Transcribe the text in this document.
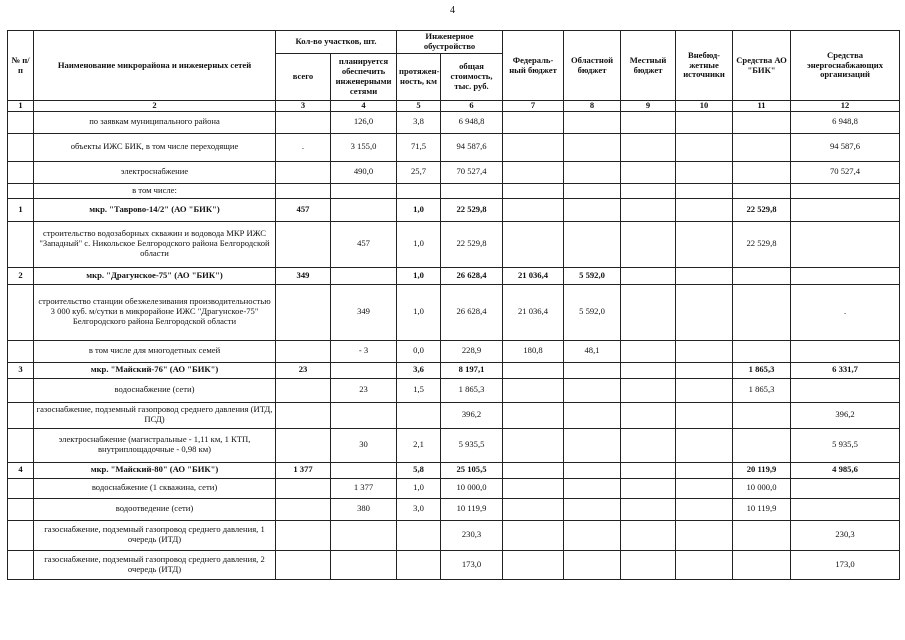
4
№ п/п	Наименование микрорайона и инженерных сетей	Кол-во участков, шт.		Инженерное обустройство		Федераль-ный бюджет	Областной бюджет	Местный бюджет	Внебюд-жетные источники	Средства АО "БИК"	Средства энергоснабжающих организаций
		всего	планируется обеспечить инженерными сетями	протяжен-ность, км	общая стоимость, тыс. руб.						
1	2	3	4	5	6	7	8	9	10	11	12
	по заявкам муниципального района		126,0	3,8	6 948,8						6 948,8
	объекты ИЖС БИК, в том числе переходящие	.	3 155,0	71,5	94 587,6						94 587,6
	электроснабжение		490,0	25,7	70 527,4						70 527,4
	в том числе:										
1	мкр. "Таврово-14/2" (АО "БИК")	457		1,0	22 529,8					22 529,8	
	строительство водозаборных скважин и водовода МКР ИЖС "Западный" с. Никольское Белгородского района Белгородской области		457	1,0	22 529,8					22 529,8	
2	мкр. "Драгунское-75" (АО "БИК")	349		1,0	26 628,4	21 036,4	5 592,0				
	строительство станции обезжелезивания производительностью 3 000 куб. м/сутки в микрорайоне ИЖС "Драгунское-75" Белгородского района Белгородской области		349	1,0	26 628,4	21 036,4	5 592,0				.
	в том числе для многодетных семей		- 3	0,0	228,9	180,8	48,1				
3	мкр. "Майский-76" (АО "БИК")	23		3,6	8 197,1					1 865,3	6 331,7
	водоснабжение (сети)		23	1,5	1 865,3					1 865,3	
	газоснабжение, подземный газопровод среднего давления (ИТД, ПСД)				396,2						396,2
	электроснабжение (магистральные - 1,11 км, 1 КТП, внутриплощадочные - 0,98 км)		30	2,1	5 935,5						5 935,5
4	мкр. "Майский-80" (АО "БИК")	1 377		5,8	25 105,5					20 119,9	4 985,6
	водоснабжение (1 скважина, сети)		1 377	1,0	10 000,0					10 000,0	
	водоотведение (сети)		380	3,0	10 119,9					10 119,9	
	газоснабжение, подземный газопровод среднего давления, 1 очередь (ИТД)				230,3						230,3
	газоснабжение, подземный газопровод среднего давления, 2 очередь (ИТД)				173,0						173,0
